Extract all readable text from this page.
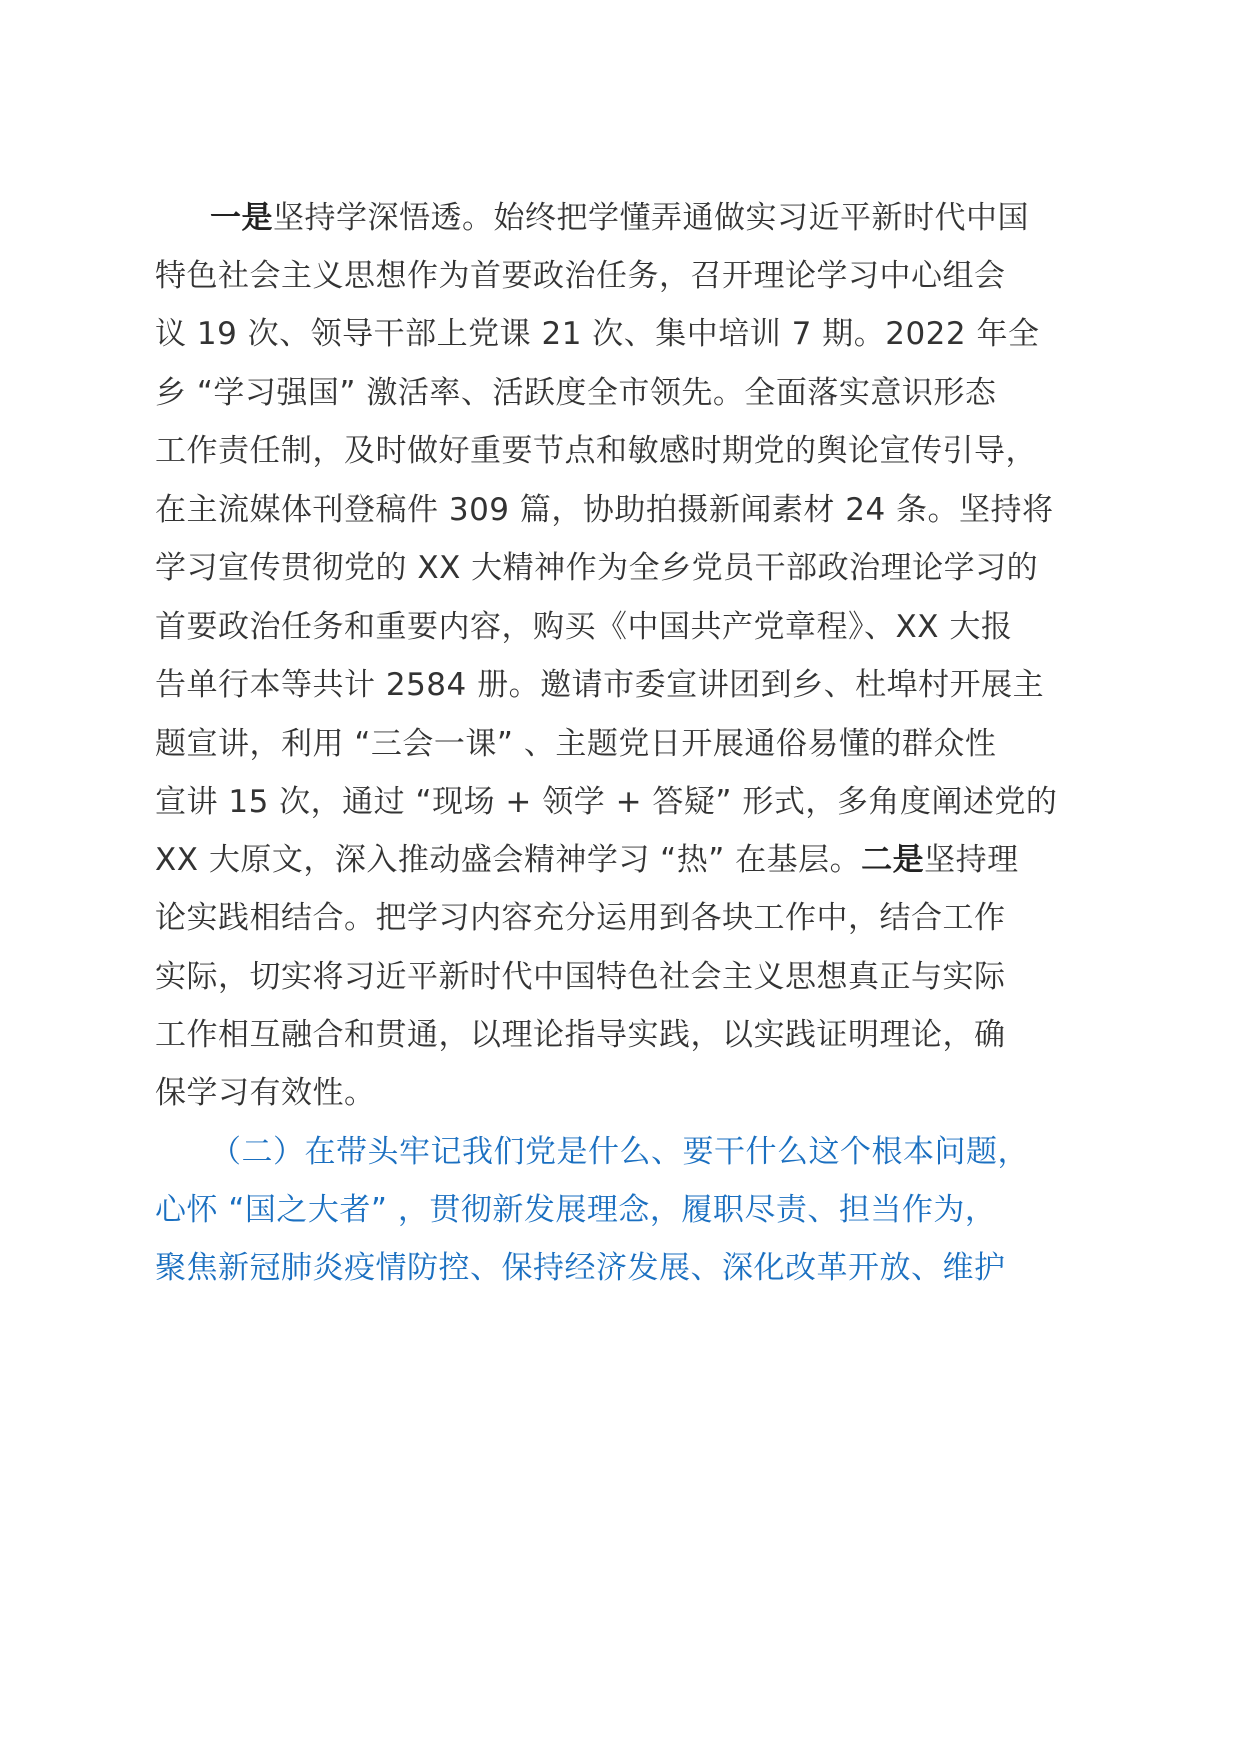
一是坚持学深悟透。始终把学懂弄通做实习近平新时代中国
特色社会主义思想作为首要政治任务，召开理论学习中心组会
议 19 次、领导干部上党课 21 次、集中培训 7 期。2022 年全
乡 “学习强国” 激活率、活跃度全市领先。全面落实意识形态
工作责任制，及时做好重要节点和敏感时期党的舆论宣传引导，
在主流媒体刊登稿件 309 篇，协助拍摄新闻素材 24 条。坚持将
学习宣传贯彻党的 XX 大精神作为全乡党员干部政治理论学习的
首要政治任务和重要内容，购买《中国共产党章程》、XX 大报
告单行本等共计 2584 册。邀请市委宣讲团到乡、杜埠村开展主
题宣讲，利用 “三会一课” 、主题党日开展通俗易懂的群众性
宣讲 15 次，通过 “现场 + 领学 + 答疑” 形式，多角度阐述党的
XX 大原文，深入推动盛会精神学习 “热” 在基层。二是坚持理
论实践相结合。把学习内容充分运用到各块工作中，结合工作
实际，切实将习近平新时代中国特色社会主义思想真正与实际
工作相互融合和贯通，以理论指导实践，以实践证明理论，确
保学习有效性。
（二）在带头牢记我们党是什么、要干什么这个根本问题，
心怀 “国之大者” ，贯彻新发展理念，履职尽责、担当作为，
聚焦新冠肺炎疫情防控、保持经济发展、深化改革开放、维护
